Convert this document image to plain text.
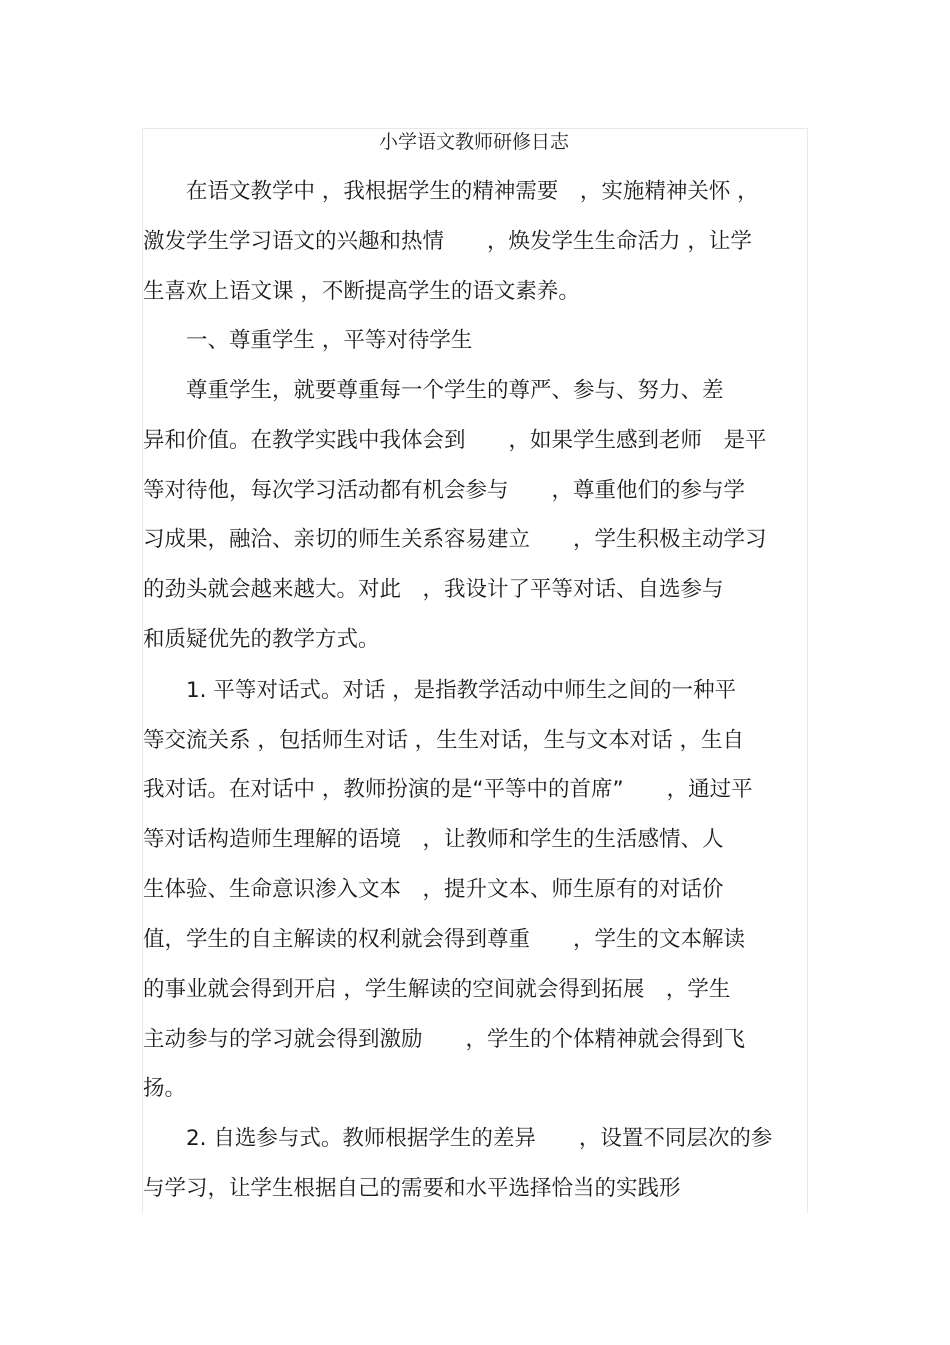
小学语文教师研修日志
　　在语文教学中 ，我根据学生的精神需要　，实施精神关怀 ，
激发学生学习语文的兴趣和热情　　，焕发学生生命活力 ，让学
生喜欢上语文课 ，不断提高学生的语文素养。
　　一、尊重学生 ，平等对待学生
　　尊重学生，就要尊重每一个学生的尊严、参与、努力、差
异和价值。在教学实践中我体会到　　，如果学生感到老师　是平
等对待他，每次学习活动都有机会参与　　，尊重他们的参与学
习成果，融洽、亲切的师生关系容易建立　　，学生积极主动学习
的劲头就会越来越大。对此　，我设计了平等对话、自选参与
和质疑优先的教学方式。
　　1. 平等对话式。对话 ，是指教学活动中师生之间的一种平
等交流关系 ，包括师生对话 ，生生对话，生与文本对话 ，生自
我对话。在对话中 ，教师扮演的是“平等中的首席”　　，通过平
等对话构造师生理解的语境　，让教师和学生的生活感情、人
生体验、生命意识渗入文本　，提升文本、师生原有的对话价
值，学生的自主解读的权利就会得到尊重　　，学生的文本解读
的事业就会得到开启 ，学生解读的空间就会得到拓展　，学生
主动参与的学习就会得到激励　　，学生的个体精神就会得到飞
扬。
　　2. 自选参与式。教师根据学生的差异　　，设置不同层次的参
与学习，让学生根据自己的需要和水平选择恰当的实践形
